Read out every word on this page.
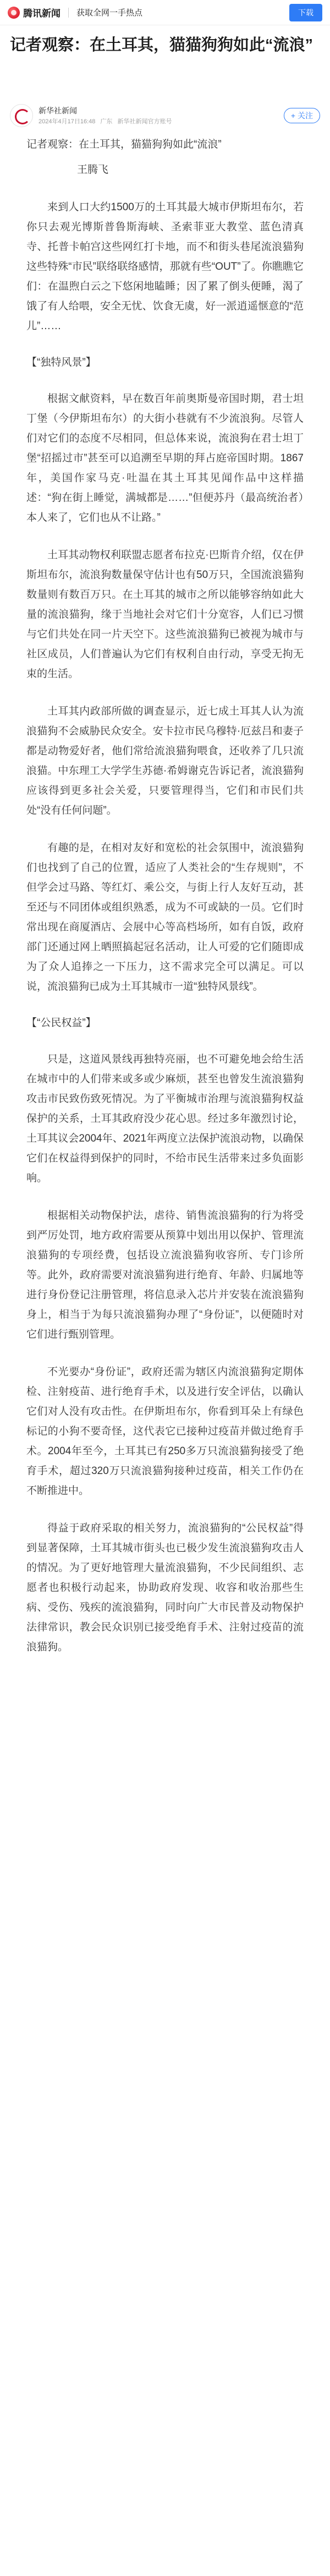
腾讯新闻 获取全网一手热点	下载
记者观察：在土耳其，猫猫狗狗如此“流浪”
新华社新闻
2024年4月17日16:48 广东 新华社新闻官方账号
+ 关注

记者观察：在土耳其，猫猫狗狗如此“流浪”

王腾飞

来到人口大约1500万的土耳其最大城市伊斯坦布尔，若你只去观光博斯普鲁斯海峡、圣索菲亚大教堂、蓝色清真寺、托普卡帕宫这些网红打卡地，而不和街头巷尾流浪猫狗这些特殊“市民”联络联络感情，那就有些“OUT”了。你瞧瞧它们：在温煦白云之下悠闲地瞌睡；因了累了倒头便睡，渴了饿了有人给喂，安全无忧、饮食无虞，好一派逍遥惬意的“范儿”……

【“独特风景”】

根据文献资料，早在数百年前奥斯曼帝国时期，君士坦丁堡（今伊斯坦布尔）的大街小巷就有不少流浪狗。尽管人们对它们的态度不尽相同，但总体来说，流浪狗在君士坦丁堡“招摇过市”甚至可以追溯至早期的拜占庭帝国时期。1867年，美国作家马克·吐温在其土耳其见闻作品中这样描述：“狗在街上睡觉，满城都是……”但便苏丹（最高统治者）本人来了，它们也从不让路。”

土耳其动物权利联盟志愿者布拉克·巴斯肯介绍，仅在伊斯坦布尔，流浪狗数量保守估计也有50万只，全国流浪猫狗数量则有数百万只。在土耳其的城市之所以能够容纳如此大量的流浪猫狗，缘于当地社会对它们十分宽容，人们已习惯与它们共处在同一片天空下。这些流浪猫狗已被视为城市与社区成员，人们普遍认为它们有权利自由行动，享受无拘无束的生活。

土耳其内政部所做的调查显示，近七成土耳其人认为流浪猫狗不会威胁民众安全。安卡拉市民乌穆特·厄兹吕和妻子都是动物爱好者，他们常给流浪猫狗喂食，还收养了几只流浪猫。中东理工大学学生苏德·希姆谢克告诉记者，流浪猫狗应该得到更多社会关爱，只要管理得当，它们和市民们共处“没有任何问题”。

有趣的是，在相对友好和宽松的社会氛围中，流浪猫狗们也找到了自己的位置，适应了人类社会的“生存规则”，不但学会过马路、等红灯、乘公交，与街上行人友好互动，甚至还与不同团体或组织熟悉，成为不可或缺的一员。它们时常出现在商厦酒店、会展中心等高档场所，如有自饭，政府部门还通过网上晒照搞起冠名活动，让人可爱的它们随即成为了众人追捧之一下压力，这不需求完全可以满足。可以说，流浪猫狗已成为土耳其城市一道“独特风景线”。

【“公民权益”】

只是，这道风景线再独特亮丽，也不可避免地会给生活在城市中的人们带来或多或少麻烦，甚至也曾发生流浪猫狗攻击市民致伤致死情况。为了平衡城市治理与流浪猫狗权益保护的关系，土耳其政府没少花心思。经过多年激烈讨论，土耳其议会2004年、2021年两度立法保护流浪动物，以确保它们在权益得到保护的同时，不给市民生活带来过多负面影响。

根据相关动物保护法，虐待、销售流浪猫狗的行为将受到严厉处罚，地方政府需要从预算中划出用以保护、管理流浪猫狗的专项经费，包括设立流浪猫狗收容所、专门诊所等。此外，政府需要对流浪猫狗进行绝育、年龄、归属地等进行身份登记注册管理，将信息录入芯片并安装在流浪猫狗身上，相当于为每只流浪猫狗办理了“身份证”，以便随时对它们进行甄别管理。

不光要办“身份证”，政府还需为辖区内流浪猫狗定期体检、注射疫苗、进行绝育手术，以及进行安全评估，以确认它们对人没有攻击性。在伊斯坦布尔，你看到耳朵上有绿色标记的小狗不要奇怪，这代表它已接种过疫苗并做过绝育手术。2004年至今，土耳其已有250多万只流浪猫狗接受了绝育手术，超过320万只流浪猫狗接种过疫苗，相关工作仍在不断推进中。

得益于政府采取的相关努力，流浪猫狗的“公民权益”得到显著保障，土耳其城市街头也已极少发生流浪猫狗攻击人的情况。为了更好地管理大量流浪猫狗，不少民间组织、志愿者也积极行动起来，协助政府发现、收容和收治那些生病、受伤、残疾的流浪猫狗，同时向广大市民普及动物保护法律常识，教会民众识别已接受绝育手术、注射过疫苗的流浪猫狗。
